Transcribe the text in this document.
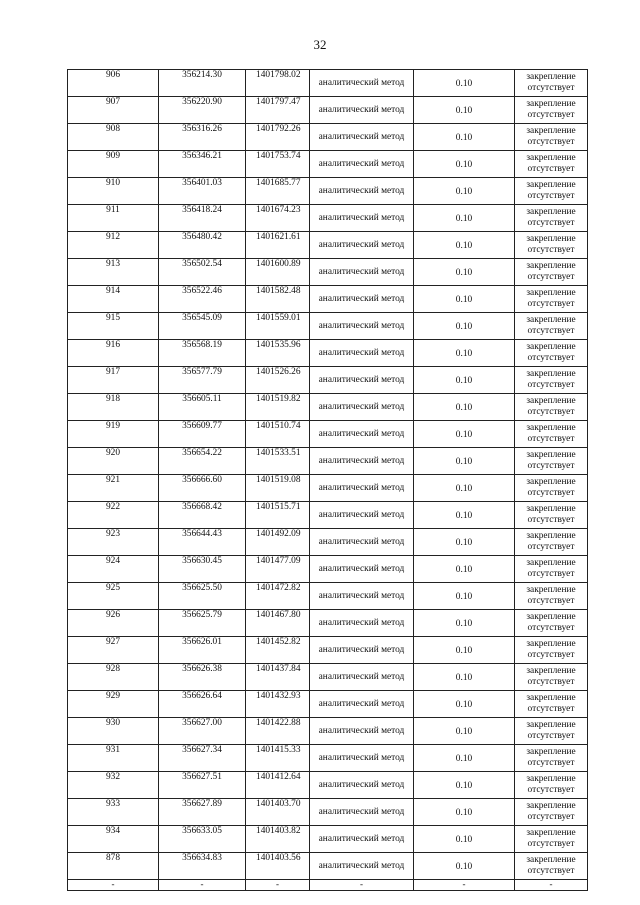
32
906	356214.30	1401798.02	аналитический метод	0.10	закрепление отсутствует
907	356220.90	1401797.47	аналитический метод	0.10	закрепление отсутствует
908	356316.26	1401792.26	аналитический метод	0.10	закрепление отсутствует
909	356346.21	1401753.74	аналитический метод	0.10	закрепление отсутствует
910	356401.03	1401685.77	аналитический метод	0.10	закрепление отсутствует
911	356418.24	1401674.23	аналитический метод	0.10	закрепление отсутствует
912	356480.42	1401621.61	аналитический метод	0.10	закрепление отсутствует
913	356502.54	1401600.89	аналитический метод	0.10	закрепление отсутствует
914	356522.46	1401582.48	аналитический метод	0.10	закрепление отсутствует
915	356545.09	1401559.01	аналитический метод	0.10	закрепление отсутствует
916	356568.19	1401535.96	аналитический метод	0.10	закрепление отсутствует
917	356577.79	1401526.26	аналитический метод	0.10	закрепление отсутствует
918	356605.11	1401519.82	аналитический метод	0.10	закрепление отсутствует
919	356609.77	1401510.74	аналитический метод	0.10	закрепление отсутствует
920	356654.22	1401533.51	аналитический метод	0.10	закрепление отсутствует
921	356666.60	1401519.08	аналитический метод	0.10	закрепление отсутствует
922	356668.42	1401515.71	аналитический метод	0.10	закрепление отсутствует
923	356644.43	1401492.09	аналитический метод	0.10	закрепление отсутствует
924	356630.45	1401477.09	аналитический метод	0.10	закрепление отсутствует
925	356625.50	1401472.82	аналитический метод	0.10	закрепление отсутствует
926	356625.79	1401467.80	аналитический метод	0.10	закрепление отсутствует
927	356626.01	1401452.82	аналитический метод	0.10	закрепление отсутствует
928	356626.38	1401437.84	аналитический метод	0.10	закрепление отсутствует
929	356626.64	1401432.93	аналитический метод	0.10	закрепление отсутствует
930	356627.00	1401422.88	аналитический метод	0.10	закрепление отсутствует
931	356627.34	1401415.33	аналитический метод	0.10	закрепление отсутствует
932	356627.51	1401412.64	аналитический метод	0.10	закрепление отсутствует
933	356627.89	1401403.70	аналитический метод	0.10	закрепление отсутствует
934	356633.05	1401403.82	аналитический метод	0.10	закрепление отсутствует
878	356634.83	1401403.56	аналитический метод	0.10	закрепление отсутствует
-	-	-	-	-	-
